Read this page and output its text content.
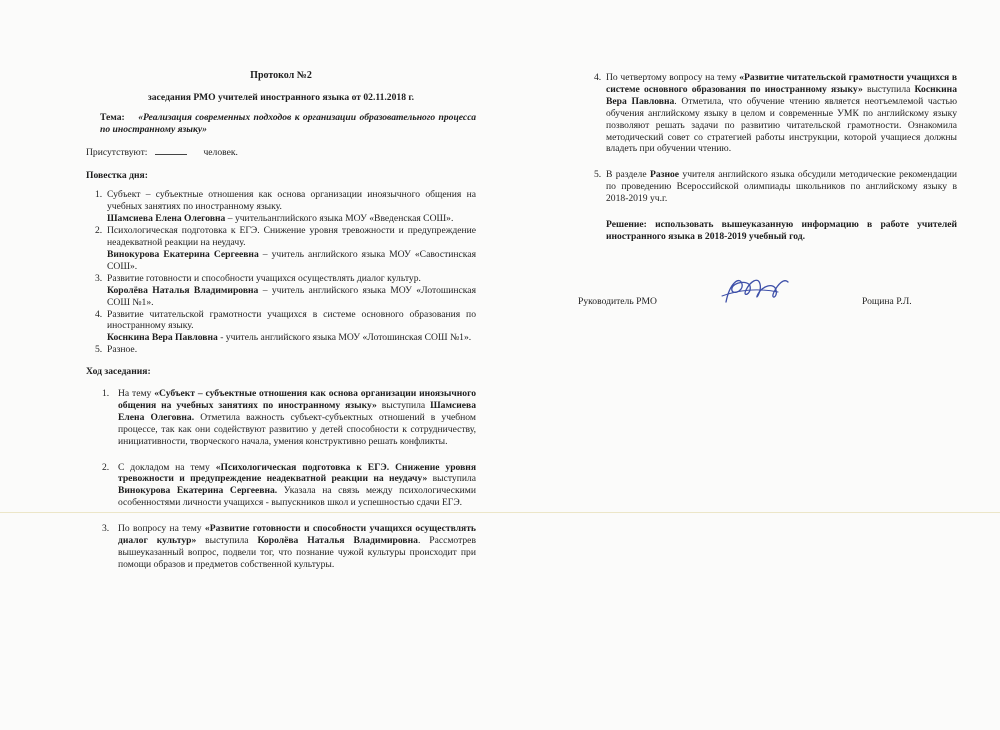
Протокол №2

заседания РМО учителей иностранного языка от 02.11.2018 г.

Тема: «Реализация современных подходов к организации образовательного процесса по иностранному языку»

Присутствуют:	человек.

Повестка дня:

1. Субъект – субъектные отношения как основа организации иноязычного общения на учебных занятиях по иностранному языку.
Шамсиева Елена Олеговна – учительанглийского языка МОУ «Введенская СОШ».
2. Психологическая подготовка к ЕГЭ. Снижение уровня тревожности и предупреждение неадекватной реакции на неудачу.
Винокурова Екатерина Сергеевна – учитель английского языка МОУ «Савостинская СОШ».
3. Развитие готовности и способности учащихся осуществлять диалог культур.
Королёва Наталья Владимировна – учитель английского языка МОУ «Лотошинская СОШ №1».
4. Развитие читательской грамотности учащихся в системе основного образования по иностранному языку.
Коснкина Вера Павловна - учитель английского языка МОУ «Лотошинская СОШ №1».
5. Разное.

Ход заседания:

1. На тему «Субъект – субъектные отношения как основа организации иноязычного общения на учебных занятиях по иностранному языку» выступила Шамсиева Елена Олеговна. Отметила важность субъект-субъектных отношений в учебном процессе, так как они содействуют развитию у детей способности к сотрудничеству, инициативности, творческого начала, умения конструктивно решать конфликты.
2. С докладом на тему «Психологическая подготовка к ЕГЭ. Снижение уровня тревожности и предупреждение неадекватной реакции на неудачу» выступила Винокурова Екатерина Сергеевна. Указала на связь между психологическими особенностями личности учащихся - выпускников школ и успешностью сдачи ЕГЭ.
3. По вопросу на тему «Развитие готовности и способности учащихся осуществлять диалог культур» выступила Королёва Наталья Владимировна. Рассмотрев вышеуказанный вопрос, подвели тог, что познание чужой культуры происходит при помощи образов и предметов собственной культуры.
4. По четвертому вопросу на тему «Развитие читательской грамотности учащихся в системе основного образования по иностранному языку» выступила Коснкина Вера Павловна. Отметила, что обучение чтению является неотъемлемой частью обучения английскому языку в целом и современные УМК по английскому языку позволяют решать задачи по развитию читательской грамотности. Ознакомила методический совет со стратегией работы инструкции, которой учащиеся должны владеть при обучении чтению.
5. В разделе Разное учителя английского языка обсудили методические рекомендации по проведению Всероссийской олимпиады школьников по английскому языку в 2018-2019 уч.г.

Решение: использовать вышеуказанную информацию в работе учителей иностранного языка в 2018-2019 учебный год.

Руководитель РМО	Рощина Р.Л.
